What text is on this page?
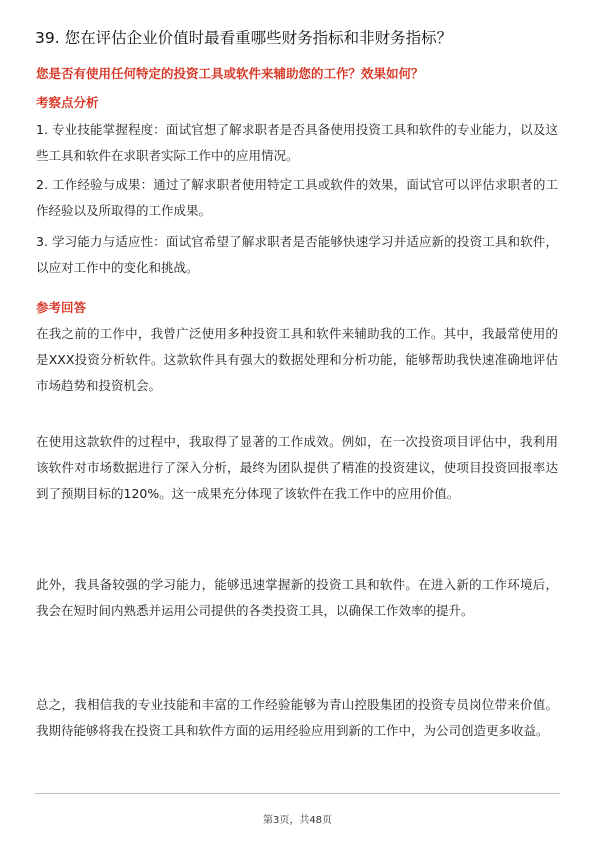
39. 您在评估企业价值时最看重哪些财务指标和非财务指标？
您是否有使用任何特定的投资工具或软件来辅助您的工作？效果如何？
考察点分析

1. 专业技能掌握程度：面试官想了解求职者是否具备使用投资工具和软件的专业能力，以及这些工具和软件在求职者实际工作中的应用情况。

2. 工作经验与成果：通过了解求职者使用特定工具或软件的效果，面试官可以评估求职者的工作经验以及所取得的工作成果。

3. 学习能力与适应性：面试官希望了解求职者是否能够快速学习并适应新的投资工具和软件，以应对工作中的变化和挑战。

参考回答

在我之前的工作中，我曾广泛使用多种投资工具和软件来辅助我的工作。其中，我最常使用的是XXX投资分析软件。这款软件具有强大的数据处理和分析功能，能够帮助我快速准确地评估市场趋势和投资机会。

在使用这款软件的过程中，我取得了显著的工作成效。例如，在一次投资项目评估中，我利用该软件对市场数据进行了深入分析，最终为团队提供了精准的投资建议，使项目投资回报率达到了预期目标的120%。这一成果充分体现了该软件在我工作中的应用价值。

此外，我具备较强的学习能力，能够迅速掌握新的投资工具和软件。在进入新的工作环境后，我会在短时间内熟悉并运用公司提供的各类投资工具，以确保工作效率的提升。

总之，我相信我的专业技能和丰富的工作经验能够为青山控股集团的投资专员岗位带来价值。我期待能够将我在投资工具和软件方面的运用经验应用到新的工作中，为公司创造更多收益。

第3页，共48页
